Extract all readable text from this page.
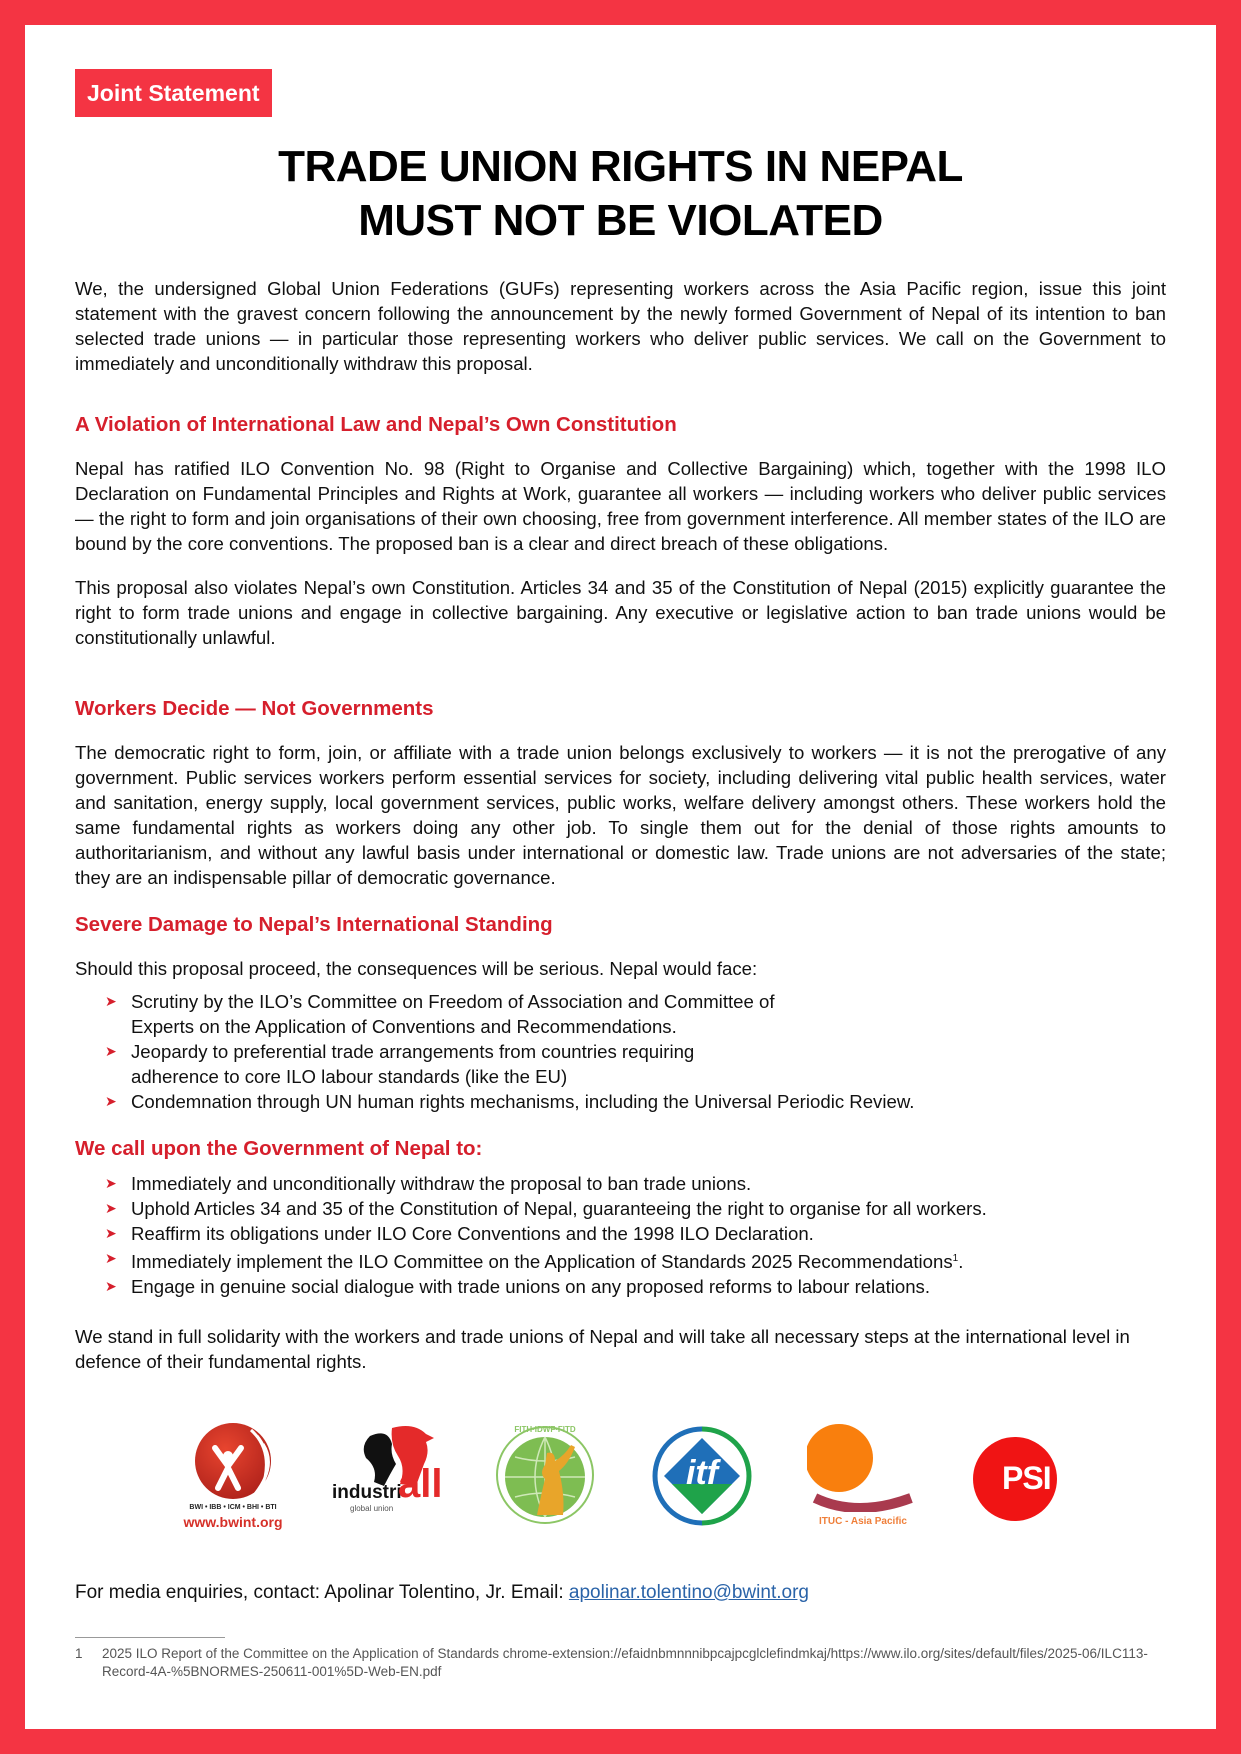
Joint Statement
TRADE UNION RIGHTS IN NEPAL
MUST NOT BE VIOLATED

We, the undersigned Global Union Federations (GUFs) representing workers across the Asia Pacific region, issue this joint statement with the gravest concern following the announcement by the newly formed Government of Nepal of its intention to ban selected trade unions — in particular those representing workers who deliver public services. We call on the Government to immediately and unconditionally withdraw this proposal.

A Violation of International Law and Nepal’s Own Constitution

Nepal has ratified ILO Convention No. 98 (Right to Organise and Collective Bargaining) which, together with the 1998 ILO Declaration on Fundamental Principles and Rights at Work, guarantee all workers — including workers who deliver public services — the right to form and join organisations of their own choosing, free from government interference. All member states of the ILO are bound by the core conventions. The proposed ban is a clear and direct breach of these obligations.

This proposal also violates Nepal’s own Constitution. Articles 34 and 35 of the Constitution of Nepal (2015) explicitly guarantee the right to form trade unions and engage in collective bargaining. Any executive or legislative action to ban trade unions would be constitutionally unlawful.

Workers Decide — Not Governments

The democratic right to form, join, or affiliate with a trade union belongs exclusively to workers — it is not the prerogative of any government. Public services workers perform essential services for society, including delivering vital public health services, water and sanitation, energy supply, local government services, public works, welfare delivery amongst others. These workers hold the same fundamental rights as workers doing any other job. To single them out for the denial of those rights amounts to authoritarianism, and without any lawful basis under international or domestic law. Trade unions are not adversaries of the state; they are an indispensable pillar of democratic governance.

Severe Damage to Nepal’s International Standing

Should this proposal proceed, the consequences will be serious. Nepal would face:

➤ Scrutiny by the ILO’s Committee on Freedom of Association and Committee of
Experts on the Application of Conventions and Recommendations.
➤ Jeopardy to preferential trade arrangements from countries requiring
adherence to core ILO labour standards (like the EU)
➤ Condemnation through UN human rights mechanisms, including the Universal Periodic Review.
We call upon the Government of Nepal to:
➤ Immediately and unconditionally withdraw the proposal to ban trade unions.
➤ Uphold Articles 34 and 35 of the Constitution of Nepal, guaranteeing the right to organise for all workers.
➤ Reaffirm its obligations under ILO Core Conventions and the 1998 ILO Declaration.
➤ Immediately implement the ILO Committee on the Application of Standards 2025 Recommendations$^1$.
➤ Engage in genuine social dialogue with trade unions on any proposed reforms to labour relations.

We stand in full solidarity with the workers and trade unions of Nepal and will take all necessary steps at the international level in defence of their fundamental rights.

BWI • IBB • ICM • BHI • BTI
www.bwint.org
industri
all
global union
FITH·IDWF·FITD
itf
ITUC - Asia Pacific
PSI
For media enquiries, contact: Apolinar Tolentino, Jr. Email: apolinar.tolentino@bwint.org
1 2025 ILO Report of the Committee on the Application of Standards chrome-extension://efaidnbmnnnibpcajpcglclefindmkaj/https://www.ilo.org/sites/default/files/2025-06/ILC113-Record-4A-%5BNORMES-250611-001%5D-Web-EN.pdf
